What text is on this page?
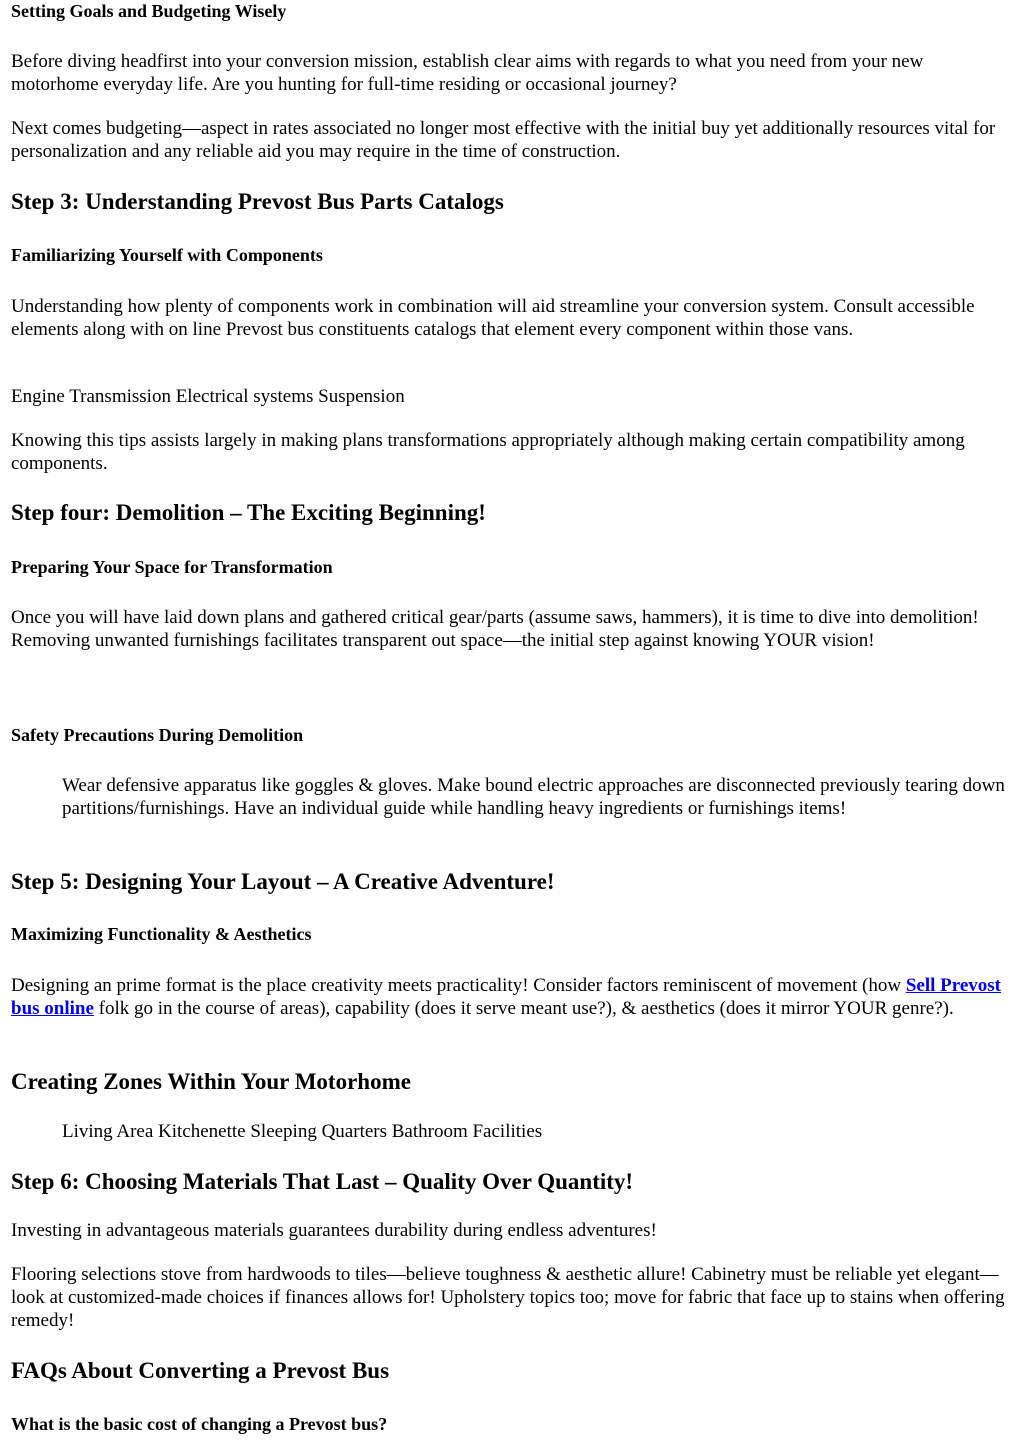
Setting Goals and Budgeting Wisely

Before diving headfirst into your conversion mission, establish clear aims with regards to what you need from your new motorhome everyday life. Are you hunting for full-time residing or occasional journey?

Next comes budgeting—aspect in rates associated no longer most effective with the initial buy yet additionally resources vital for personalization and any reliable aid you may require in the time of construction.

Step 3: Understanding Prevost Bus Parts Catalogs
Familiarizing Yourself with Components

Understanding how plenty of components work in combination will aid streamline your conversion system. Consult accessible elements along with on line Prevost bus constituents catalogs that element every component within those vans.

Engine Transmission Electrical systems Suspension

Knowing this tips assists largely in making plans transformations appropriately although making certain compatibility among components.

Step four: Demolition – The Exciting Beginning!
Preparing Your Space for Transformation

Once you will have laid down plans and gathered critical gear/parts (assume saws, hammers), it is time to dive into demolition! Removing unwanted furnishings facilitates transparent out space—the initial step against knowing YOUR vision!

Safety Precautions During Demolition

Wear defensive apparatus like goggles & gloves. Make bound electric approaches are disconnected previously tearing down partitions/furnishings. Have an individual guide while handling heavy ingredients or furnishings items!

Step 5: Designing Your Layout – A Creative Adventure!
Maximizing Functionality & Aesthetics

Designing an prime format is the place creativity meets practicality! Consider factors reminiscent of movement (how Sell Prevost bus online folk go in the course of areas), capability (does it serve meant use?), & aesthetics (does it mirror YOUR genre?).

Creating Zones Within Your Motorhome

Living Area Kitchenette Sleeping Quarters Bathroom Facilities

Step 6: Choosing Materials That Last – Quality Over Quantity!

Investing in advantageous materials guarantees durability during endless adventures!

Flooring selections stove from hardwoods to tiles—believe toughness & aesthetic allure! Cabinetry must be reliable yet elegant—look at customized-made choices if finances allows for! Upholstery topics too; move for fabric that face up to stains when offering remedy!

FAQs About Converting a Prevost Bus
What is the basic cost of changing a Prevost bus?
